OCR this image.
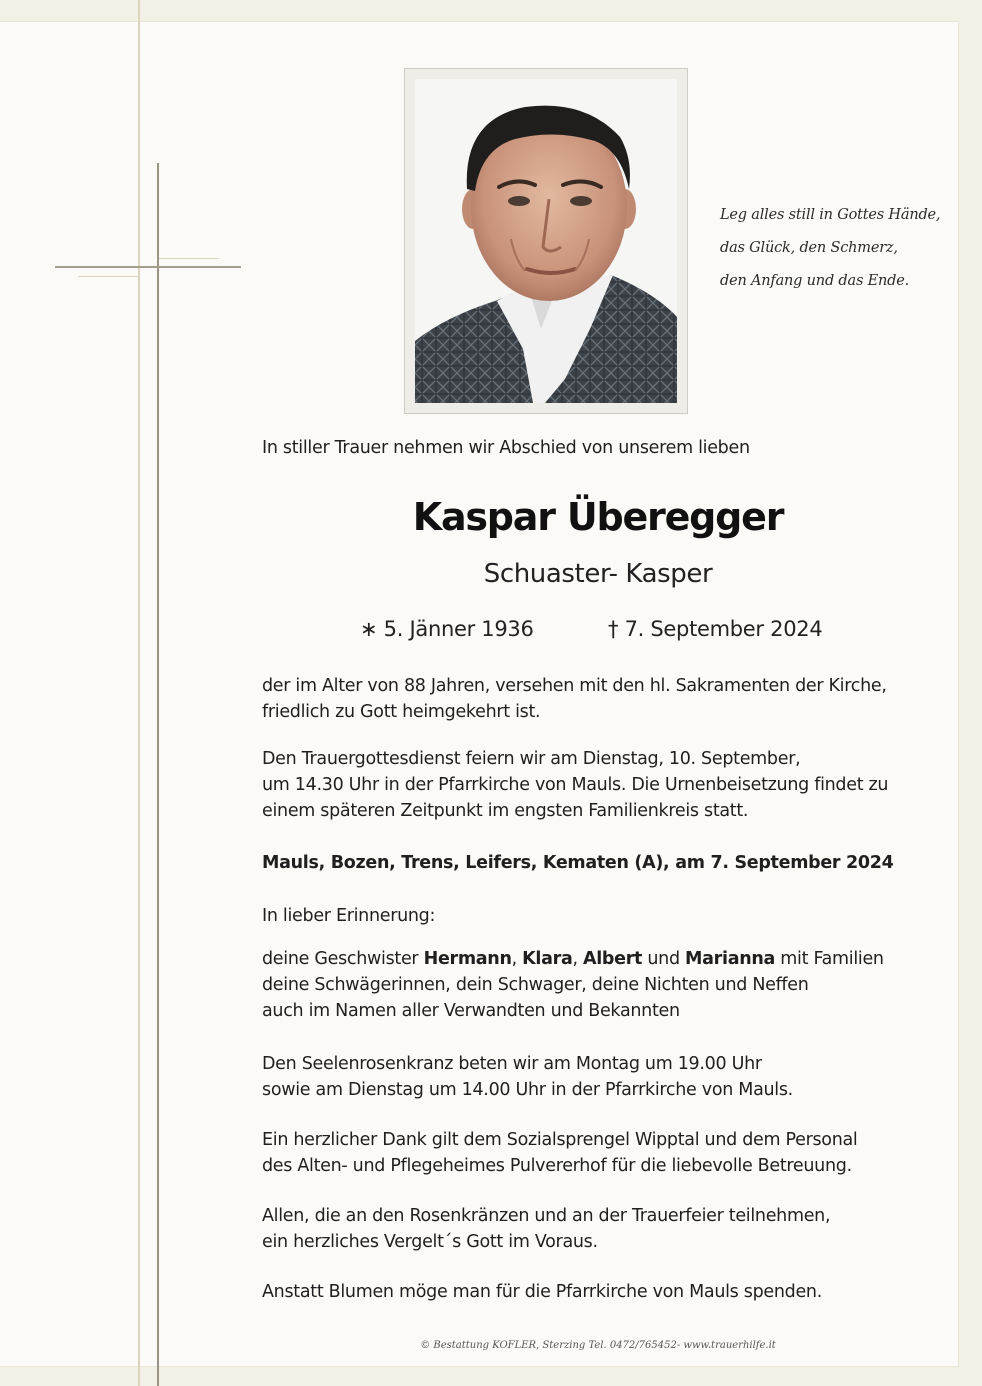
Leg alles still in Gottes Hände,
das Glück, den Schmerz,
den Anfang und das Ende.
In stiller Trauer nehmen wir Abschied von unserem lieben
Kaspar Überegger
Schuaster- Kasper
∗ 5. Jänner 1936	† 7. September 2024
der im Alter von 88 Jahren, versehen mit den hl. Sakramenten der Kirche,
friedlich zu Gott heimgekehrt ist.
Den Trauergottesdienst feiern wir am Dienstag, 10. September,
um 14.30 Uhr in der Pfarrkirche von Mauls. Die Urnenbeisetzung findet zu
einem späteren Zeitpunkt im engsten Familienkreis statt.
Mauls, Bozen, Trens, Leifers, Kematen (A), am 7. September 2024
In lieber Erinnerung:
deine Geschwister Hermann, Klara, Albert und Marianna mit Familien
deine Schwägerinnen, dein Schwager, deine Nichten und Neffen
auch im Namen aller Verwandten und Bekannten
Den Seelenrosenkranz beten wir am Montag um 19.00 Uhr
sowie am Dienstag um 14.00 Uhr in der Pfarrkirche von Mauls.
Ein herzlicher Dank gilt dem Sozialsprengel Wipptal und dem Personal
des Alten- und Pflegeheimes Pulvererhof für die liebevolle Betreuung.
Allen, die an den Rosenkränzen und an der Trauerfeier teilnehmen,
ein herzliches Vergelt´s Gott im Voraus.
Anstatt Blumen möge man für die Pfarrkirche von Mauls spenden.
© Bestattung KOFLER, Sterzing Tel. 0472/765452- www.trauerhilfe.it
